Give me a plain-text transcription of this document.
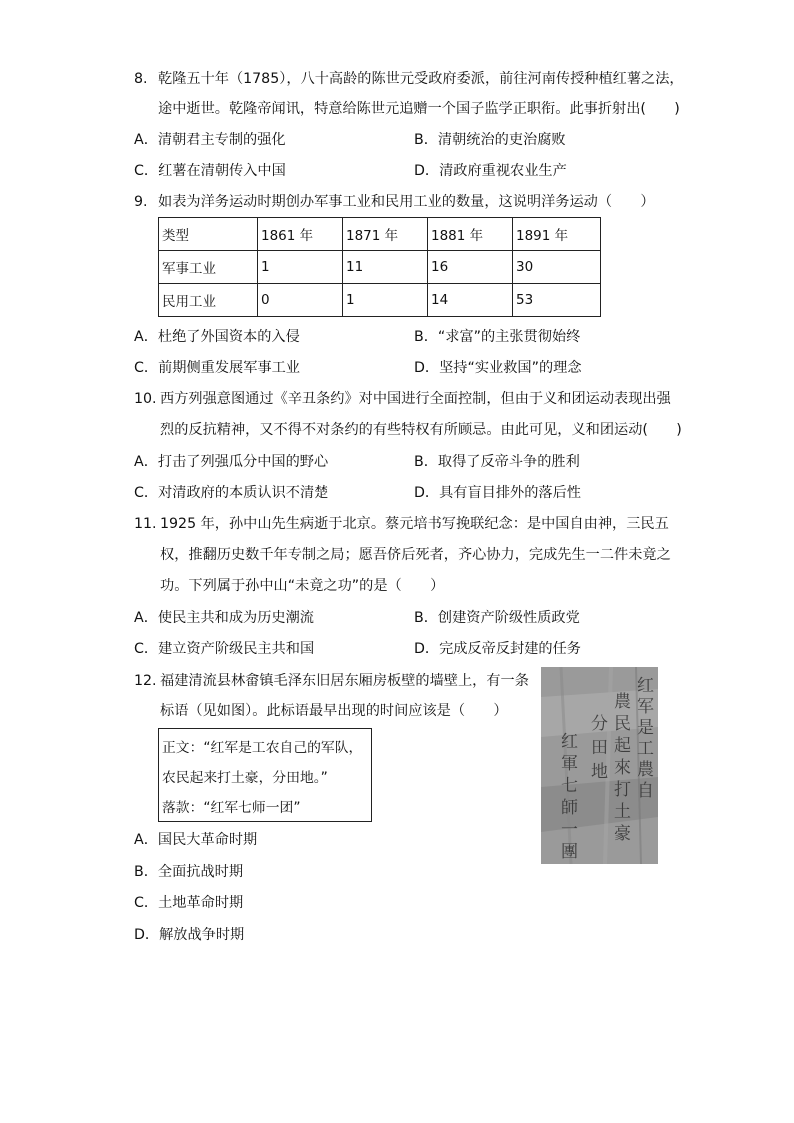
8. 乾隆五十年（1785），八十高龄的陈世元受政府委派，前往河南传授种植红薯之法，
途中逝世。乾隆帝闻讯，特意给陈世元追赠一个国子监学正职衔。此事折射出(　　)
A．清朝君主专制的强化	B．清朝统治的吏治腐败
C．红薯在清朝传入中国	D．清政府重视农业生产
9. 如表为洋务运动时期创办军事工业和民用工业的数量，这说明洋务运动（　　）
类型	1861 年	1871 年	1881 年	1891 年
军事工业	1	11	16	30
民用工业	0	1	14	53
A．杜绝了外国资本的入侵	B．“求富”的主张贯彻始终
C．前期侧重发展军事工业	D．坚持“实业救国”的理念
10. 西方列强意图通过《辛丑条约》对中国进行全面控制，但由于义和团运动表现出强
烈的反抗精神，又不得不对条约的有些特权有所顾忌。由此可见，义和团运动(　　)
A．打击了列强瓜分中国的野心	B．取得了反帝斗争的胜利
C．对清政府的本质认识不清楚	D．具有盲目排外的落后性
11. 1925 年，孙中山先生病逝于北京。蔡元培书写挽联纪念：是中国自由神，三民五
权，推翻历史数千年专制之局；愿吾侪后死者，齐心协力，完成先生一二件未竟之
功。下列属于孙中山“未竟之功”的是（　　）
A．使民主共和成为历史潮流	B．创建资产阶级性质政党
C．建立资产阶级民主共和国	D．完成反帝反封建的任务
12. 福建清流县林畲镇毛泽东旧居东厢房板壁的墙壁上，有一条
标语（见如图）。此标语最早出现的时间应该是（　　）
正文：“红军是工农自己的军队，
农民起来打土豪，分田地。”
落款：“红军七师一团”
红军是工農自
農民起來打土豪
分田地
红軍七師一團
A．国民大革命时期
B．全面抗战时期
C．土地革命时期
D．解放战争时期
